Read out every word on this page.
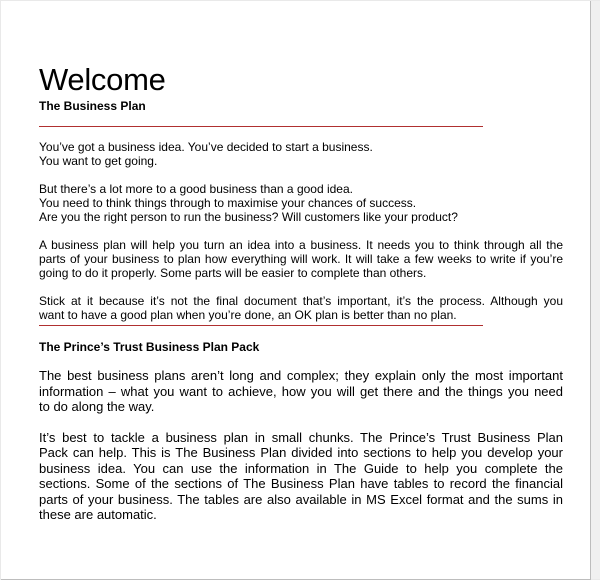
Welcome
The Business Plan

You’ve got a business idea. You’ve decided to start a business.
You want to get going.

But there’s a lot more to a good business than a good idea.
You need to think things through to maximise your chances of success.
Are you the right person to run the business? Will customers like your product?

A business plan will help you turn an idea into a business. It needs you to think through all the
parts of your business to plan how everything will work. It will take a few weeks to write if you’re
going to do it properly. Some parts will be easier to complete than others.

Stick at it because it’s not the final document that’s important, it’s the process. Although you
want to have a good plan when you’re done, an OK plan is better than no plan.

The Prince’s Trust Business Plan Pack

The best business plans aren’t long and complex; they explain only the most important
information – what you want to achieve, how you will get there and the things you need
to do along the way.

It’s best to tackle a business plan in small chunks. The Prince’s Trust Business Plan
Pack can help. This is The Business Plan divided into sections to help you develop your
business idea. You can use the information in The Guide to help you complete the
sections. Some of the sections of The Business Plan have tables to record the financial
parts of your business. The tables are also available in MS Excel format and the sums in
these are automatic.
